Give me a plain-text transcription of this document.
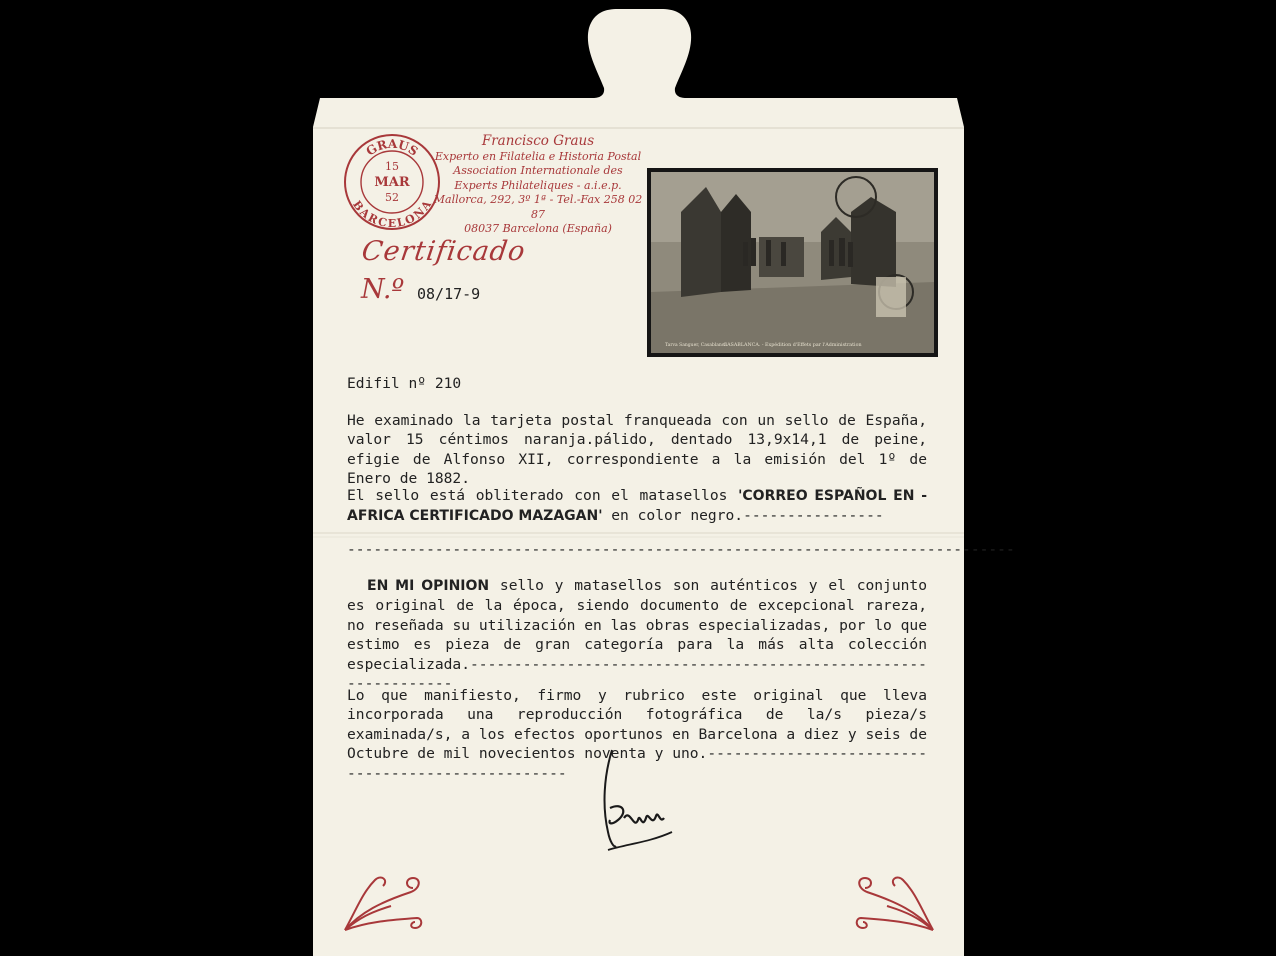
GRAUS
BARCELONA
15
MAR
52
Francisco Graus
Experto en Filatelia e Historia Postal
Association Internationale des
Experts Philateliques - a.i.e.p.
Mallorca, 292, 3º 1ª - Tel.-Fax 258 02 87
08037 Barcelona (España)
Certificado
N.º 08/17-9
CASABLANCA. - Expédition d'Effets par l'Administration
Tarva Sanguer, Casablanca
Edifil nº 210
He examinado la tarjeta postal franqueada con un sello de España, valor 15 céntimos naranja.pálido, dentado 13,9x14,1 de peine, efigie de Alfonso XII, correspondiente a la emisión del 1º de Enero de 1882.
El sello está obliterado con el matasellos 'CORREO ESPAÑOL EN - AFRICA CERTIFICADO MAZAGAN' en color negro.----------------
----------------------------------------------------------------------------
EN MI OPINION sello y matasellos son auténticos y el conjunto es original de la época, siendo documento de excepcional rareza, no reseñada su utilización en las obras especializadas, por lo que estimo es pieza de gran categoría para la más alta colección especializada.----------------------------------------------------------------
Lo que manifiesto, firmo y rubrico este original que lleva incorporada una reproducción fotográfica de la/s pieza/s examinada/s, a los efectos oportunos en Barcelona a diez y seis de Octubre de mil novecientos noventa y uno.--------------------------------------------------
